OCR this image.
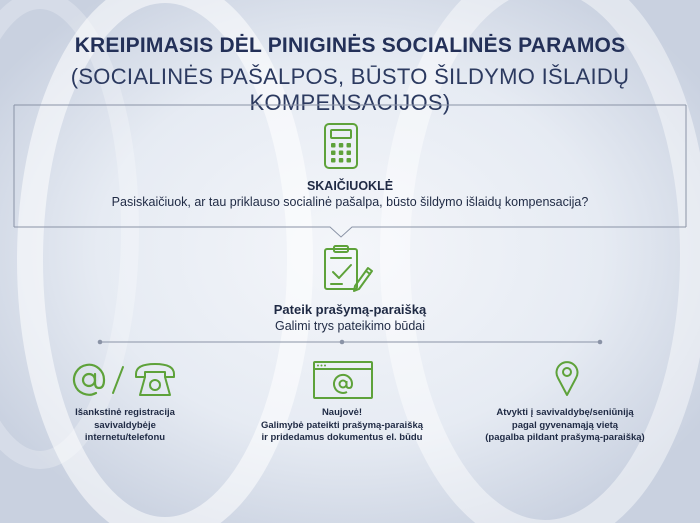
KREIPIMASIS DĖL PINIGINĖS SOCIALINĖS PARAMOS
(SOCIALINĖS PAŠALPOS, BŪSTO ŠILDYMO IŠLAIDŲ KOMPENSACIJOS)
SKAIČIUOKLĖ
Pasiskaičiuok, ar tau priklauso socialinė pašalpa, būsto šildymo išlaidų kompensacija?
Pateik prašymą-paraišką
Galimi trys pateikimo būdai
Išankstinė registracija
savivaldybėje
internetu/telefonu
Naujovė!
Galimybė pateikti prašymą-paraišką
ir pridedamus dokumentus el. būdu
Atvykti į savivaldybę/seniūniją
pagal gyvenamąją vietą
(pagalba pildant prašymą-paraišką)
